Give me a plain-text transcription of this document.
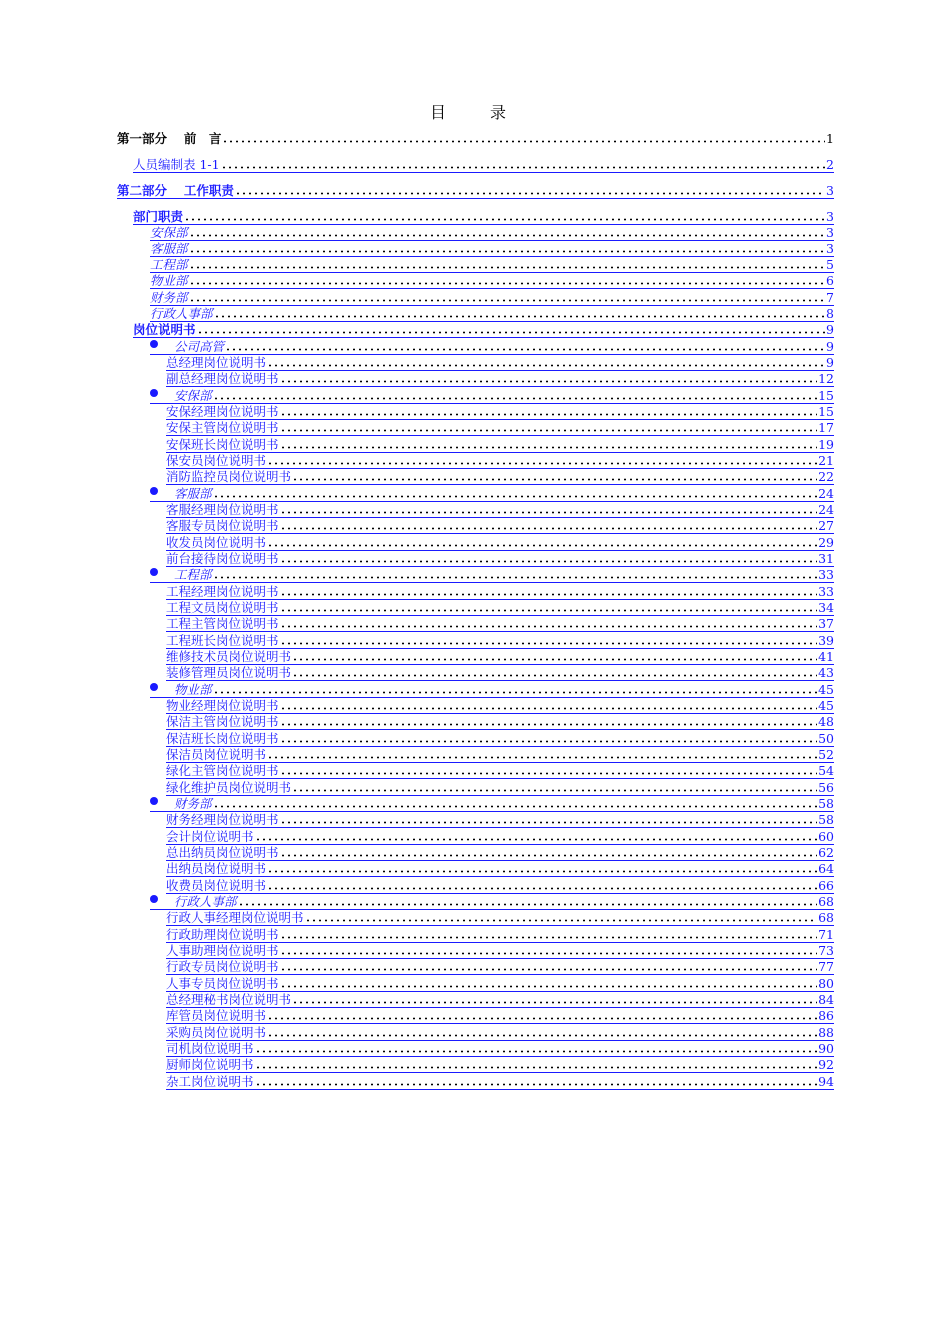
目　录
第一部分　 前　言	1
人员编制表 1-1	2
第二部分　 工作职责	3
部门职责	3
安保部	3
客服部	3
工程部	5
物业部	6
财务部	7
行政人事部	8
岗位说明书	9
公司高管	9
总经理岗位说明书	9
副总经理岗位说明书	12
安保部	15
安保经理岗位说明书	15
安保主管岗位说明书	17
安保班长岗位说明书	19
保安员岗位说明书	21
消防监控员岗位说明书	22
客服部	24
客服经理岗位说明书	24
客服专员岗位说明书	27
收发员岗位说明书	29
前台接待岗位说明书	31
工程部	33
工程经理岗位说明书	33
工程文员岗位说明书	34
工程主管岗位说明书	37
工程班长岗位说明书	39
维修技术员岗位说明书	41
装修管理员岗位说明书	43
物业部	45
物业经理岗位说明书	45
保洁主管岗位说明书	48
保洁班长岗位说明书	50
保洁员岗位说明书	52
绿化主管岗位说明书	54
绿化维护员岗位说明书	56
财务部	58
财务经理岗位说明书	58
会计岗位说明书	60
总出纳员岗位说明书	62
出纳员岗位说明书	64
收费员岗位说明书	66
行政人事部	68
行政人事经理岗位说明书	68
行政助理岗位说明书	71
人事助理岗位说明书	73
行政专员岗位说明书	77
人事专员岗位说明书	80
总经理秘书岗位说明书	84
库管员岗位说明书	86
采购员岗位说明书	88
司机岗位说明书	90
厨师岗位说明书	92
杂工岗位说明书	94
